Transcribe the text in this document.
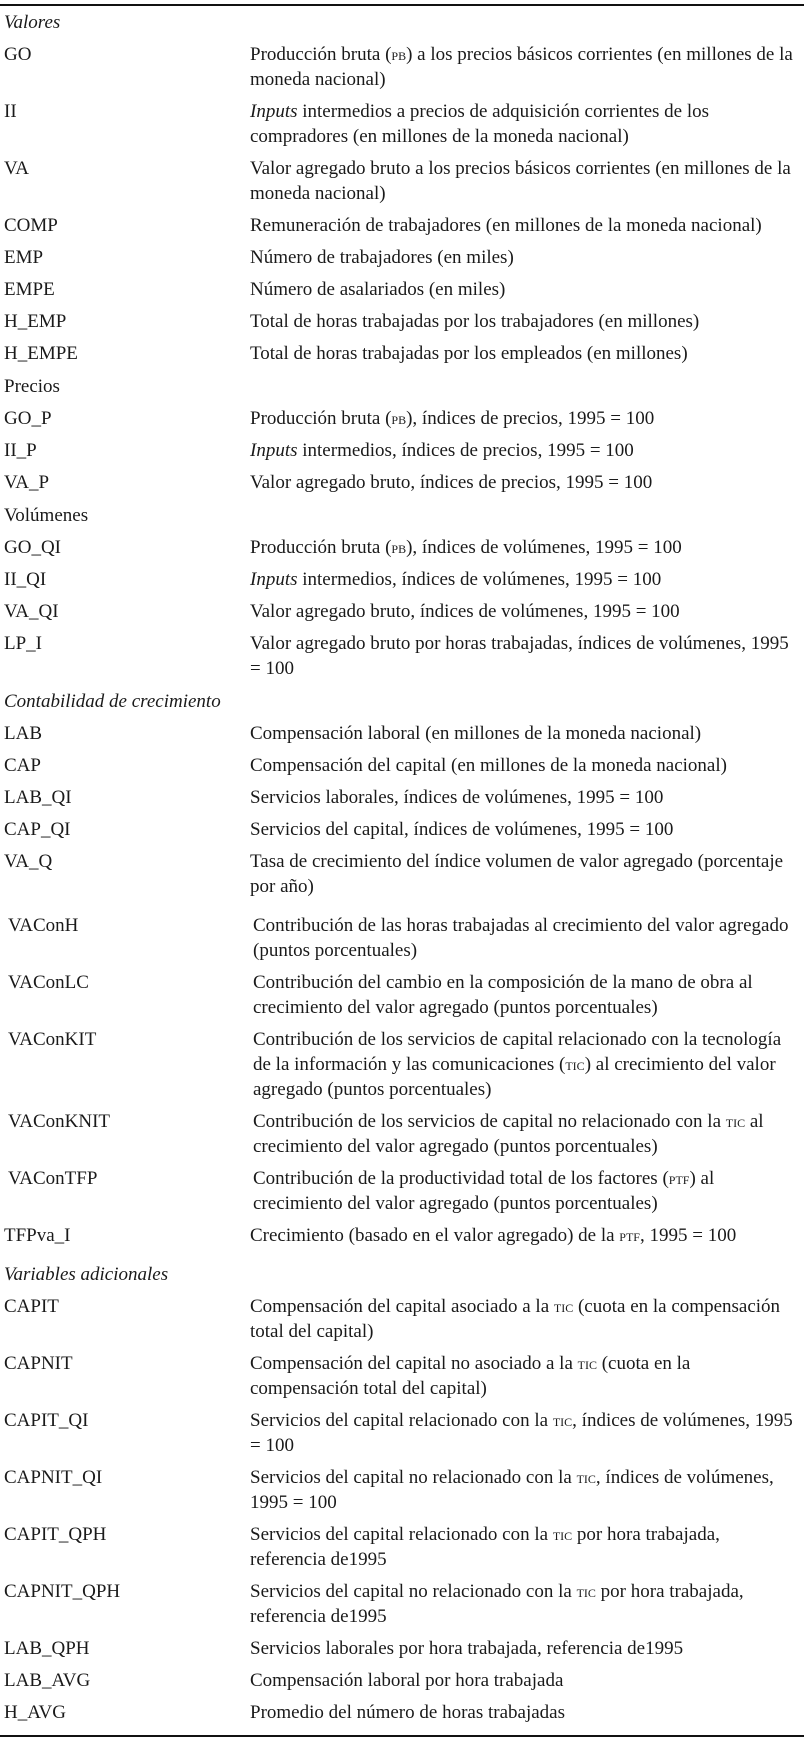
Valores
GO	Producción bruta (pb) a los precios básicos corrientes (en millones de la moneda nacional)
II	Inputs intermedios a precios de adquisición corrientes de los compradores (en millones de la moneda nacional)
VA	Valor agregado bruto a los precios básicos corrientes (en millones de la moneda nacional)
COMP	Remuneración de trabajadores (en millones de la moneda nacional)
EMP	Número de trabajadores (en miles)
EMPE	Número de asalariados (en miles)
H_EMP	Total de horas trabajadas por los trabajadores (en millones)
H_EMPE	Total de horas trabajadas por los empleados (en millones)
Precios
GO_P	Producción bruta (pb), índices de precios, 1995 = 100
II_P	Inputs intermedios, índices de precios, 1995 = 100
VA_P	Valor agregado bruto, índices de precios, 1995 = 100
Volúmenes
GO_QI	Producción bruta (pb), índices de volúmenes, 1995 = 100
II_QI	Inputs intermedios, índices de volúmenes, 1995 = 100
VA_QI	Valor agregado bruto, índices de volúmenes, 1995 = 100
LP_I	Valor agregado bruto por horas trabajadas, índices de volúmenes, 1995 = 100
Contabilidad de crecimiento
LAB	Compensación laboral (en millones de la moneda nacional)
CAP	Compensación del capital (en millones de la moneda nacional)
LAB_QI	Servicios laborales, índices de volúmenes, 1995 = 100
CAP_QI	Servicios del capital, índices de volúmenes, 1995 = 100
VA_Q	Tasa de crecimiento del índice volumen de valor agregado (porcentaje por año)
VAConH	Contribución de las horas trabajadas al crecimiento del valor agregado (puntos porcentuales)
VAConLC	Contribución del cambio en la composición de la mano de obra al crecimiento del valor agregado (puntos porcentuales)
VAConKIT	Contribución de los servicios de capital relacionado con la tecnología de la información y las comunicaciones (tic) al crecimiento del valor agregado (puntos porcentuales)
VAConKNIT	Contribución de los servicios de capital no relacionado con la tic al crecimiento del valor agregado (puntos porcentuales)
VAConTFP	Contribución de la productividad total de los factores (ptf) al crecimiento del valor agregado (puntos porcentuales)
TFPva_I	Crecimiento (basado en el valor agregado) de la ptf, 1995 = 100
Variables adicionales
CAPIT	Compensación del capital asociado a la tic (cuota en la compensación total del capital)
CAPNIT	Compensación del capital no asociado a la tic (cuota en la compensación total del capital)
CAPIT_QI	Servicios del capital relacionado con la tic, índices de volúmenes, 1995 = 100
CAPNIT_QI	Servicios del capital no relacionado con la tic, índices de volúmenes, 1995 = 100
CAPIT_QPH	Servicios del capital relacionado con la tic por hora trabajada, referencia de1995
CAPNIT_QPH	Servicios del capital no relacionado con la tic por hora trabajada, referencia de1995
LAB_QPH	Servicios laborales por hora trabajada, referencia de1995
LAB_AVG	Compensación laboral por hora trabajada
H_AVG	Promedio del número de horas trabajadas
